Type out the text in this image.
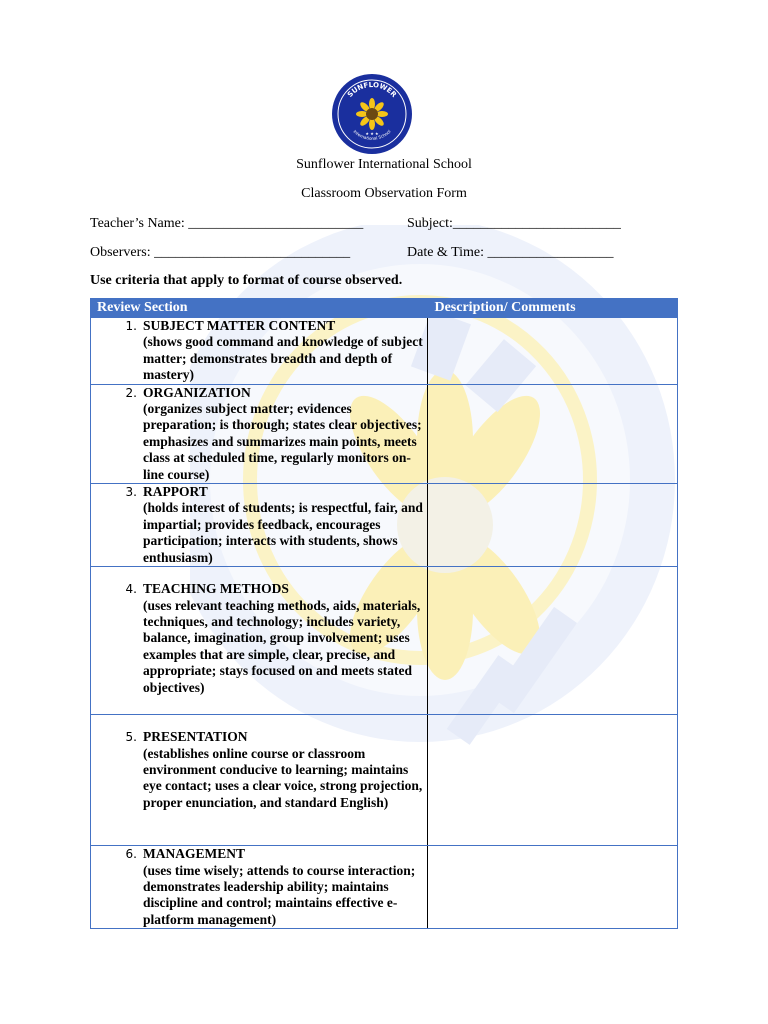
SUNFLOWER
International School
★ ★ ★
Sunflower International School
Classroom Observation Form
Teacher’s Name: _________________________	Subject:________________________
Observers: ____________________________	Date & Time: __________________
Use criteria that apply to format of course observed.
Review Section	Description/ Comments

1. SUBJECT MATTER CONTENT
(shows good command and knowledge of subject matter; demonstrates breadth and depth of mastery)	

2. ORGANIZATION
(organizes subject matter; evidences preparation; is thorough; states clear objectives; emphasizes and summarizes main points, meets class at scheduled time, regularly monitors on-line course)	

3. RAPPORT
(holds interest of students; is respectful, fair, and impartial; provides feedback, encourages participation; interacts with students, shows enthusiasm)	

4. TEACHING METHODS
(uses relevant teaching methods, aids, materials, techniques, and technology; includes variety, balance, imagination, group involvement; uses examples that are simple, clear, precise, and appropriate; stays focused on and meets stated objectives)	

5. PRESENTATION
(establishes online course or classroom environment conducive to learning; maintains eye contact; uses a clear voice, strong projection, proper enunciation, and standard English)	

6. MANAGEMENT
(uses time wisely; attends to course interaction; demonstrates leadership ability; maintains discipline and control; maintains effective e-platform management)	
